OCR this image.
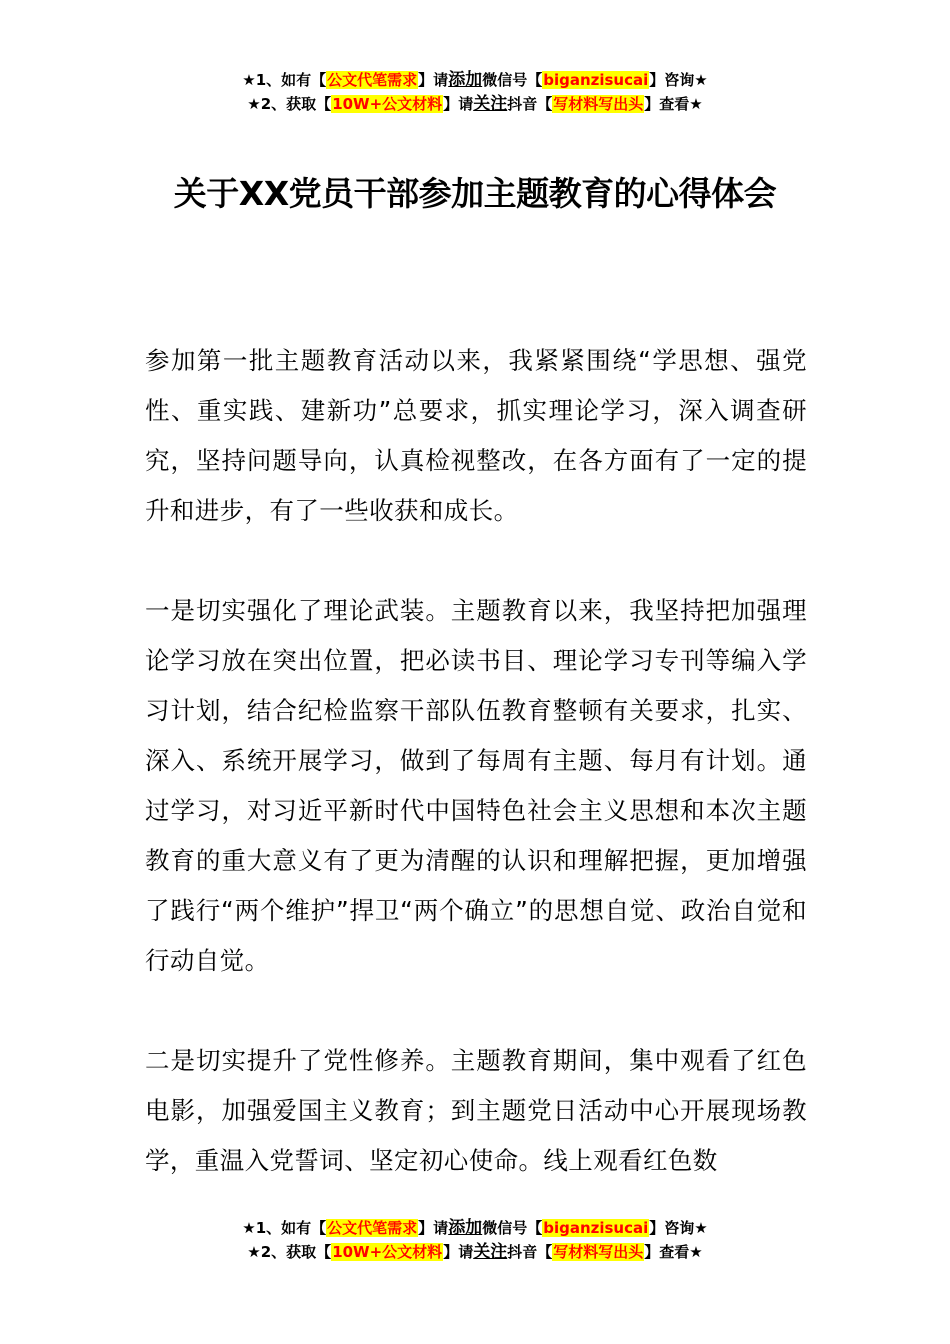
★1、如有【公文代笔需求】请添加微信号【biganzisucai】咨询★
★2、获取【10W+公文材料】请关注抖音【写材料写出头】查看★
关于XX党员干部参加主题教育的心得体会

参加第一批主题教育活动以来，我紧紧围绕“学思想、强党性、重实践、建新功”总要求，抓实理论学习，深入调查研究，坚持问题导向，认真检视整改，在各方面有了一定的提升和进步，有了一些收获和成长。

一是切实强化了理论武装。主题教育以来，我坚持把加强理论学习放在突出位置，把必读书目、理论学习专刊等编入学习计划，结合纪检监察干部队伍教育整顿有关要求，扎实、深入、系统开展学习，做到了每周有主题、每月有计划。通过学习，对习近平新时代中国特色社会主义思想和本次主题教育的重大意义有了更为清醒的认识和理解把握，更加增强了践行“两个维护”捍卫“两个确立”的思想自觉、政治自觉和行动自觉。

二是切实提升了党性修养。主题教育期间，集中观看了红色电影，加强爱国主义教育；到主题党日活动中心开展现场教学，重温入党誓词、坚定初心使命。线上观看红色数

★1、如有【公文代笔需求】请添加微信号【biganzisucai】咨询★
★2、获取【10W+公文材料】请关注抖音【写材料写出头】查看★
